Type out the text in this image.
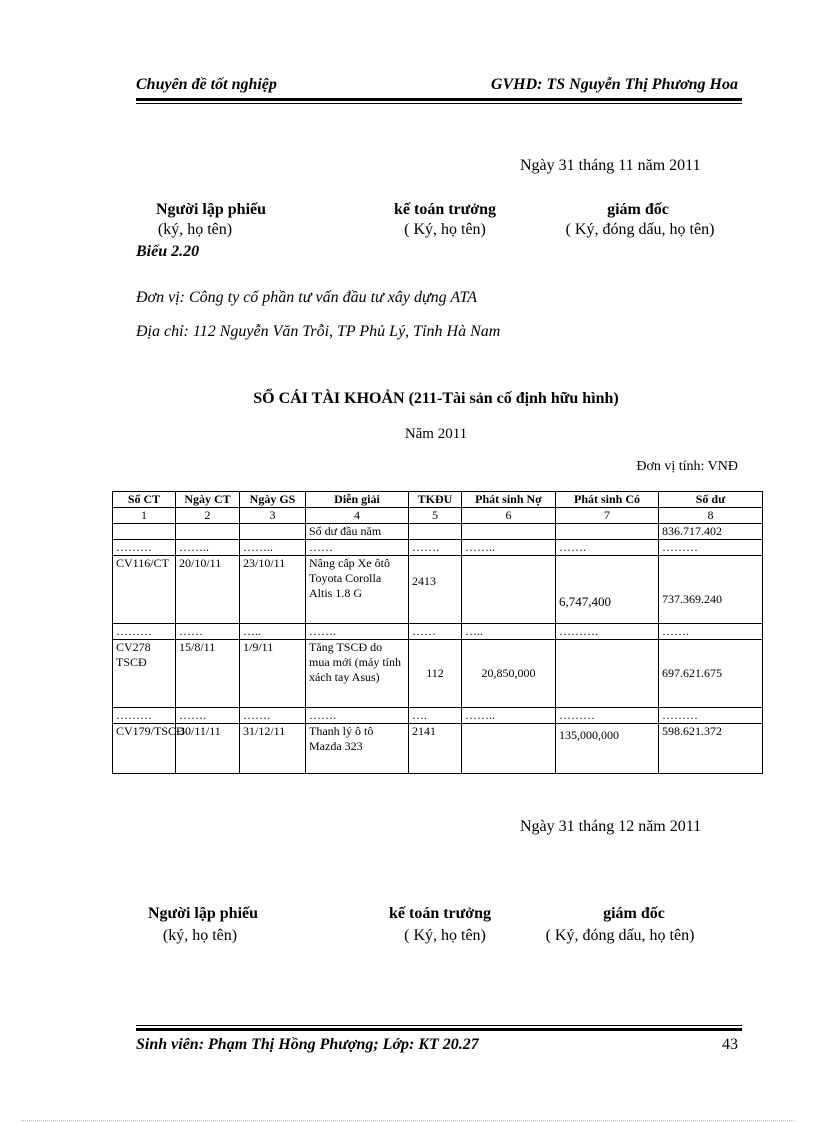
Chuyên đề tốt nghiệp	GVHD: TS Nguyễn Thị Phương Hoa
Ngày 31 tháng 11 năm 2011
Người lập phiếu
(ký, họ tên)
kế toán trưởng
( Ký, họ tên)
giám đốc
( Ký, đóng dấu, họ tên)
Biểu 2.20
Đơn vị: Công ty cổ phần tư vấn đầu tư xây dựng ATA
Địa chỉ: 112 Nguyễn Văn Trỗi, TP Phủ Lý, Tỉnh Hà Nam
SỔ CÁI TÀI KHOẢN (211-Tài sản cố định hữu hình)
Năm 2011
Đơn vị tính: VNĐ
Số CT	Ngày CT	Ngày GS	Diễn giải	TKĐU	Phát sinh Nợ	Phát sinh Có	Số dư
1	2	3	4	5	6	7	8
			Số dư đầu năm				836.717.402
………	……..	……..	……	…….	……..	…….	………
CV116/CT	20/10/11	23/10/11	Nâng cấp Xe ôtô Toyota Corolla Altis 1.8 G	2413		6,747,400	737.369.240
………	……	…..	…….	……	…..	……….	…….
CV278 TSCĐ	15/8/11	1/9/11	Tăng TSCĐ do mua mới (máy tính xách tay Asus)	112	20,850,000		697.621.675
………	…….	…….	…….	….	……..	………	………
CV179/TSCĐ	30/11/11	31/12/11	Thanh lý ô tô Mazda 323	2141		135,000,000	598.621.372
Ngày 31 tháng 12 năm 2011
Người lập phiếu
(ký, họ tên)
kế toán trưởng
( Ký, họ tên)
giám đốc
( Ký, đóng dấu, họ tên)
Sinh viên: Phạm Thị Hồng Phượng; Lớp: KT 20.27	43
